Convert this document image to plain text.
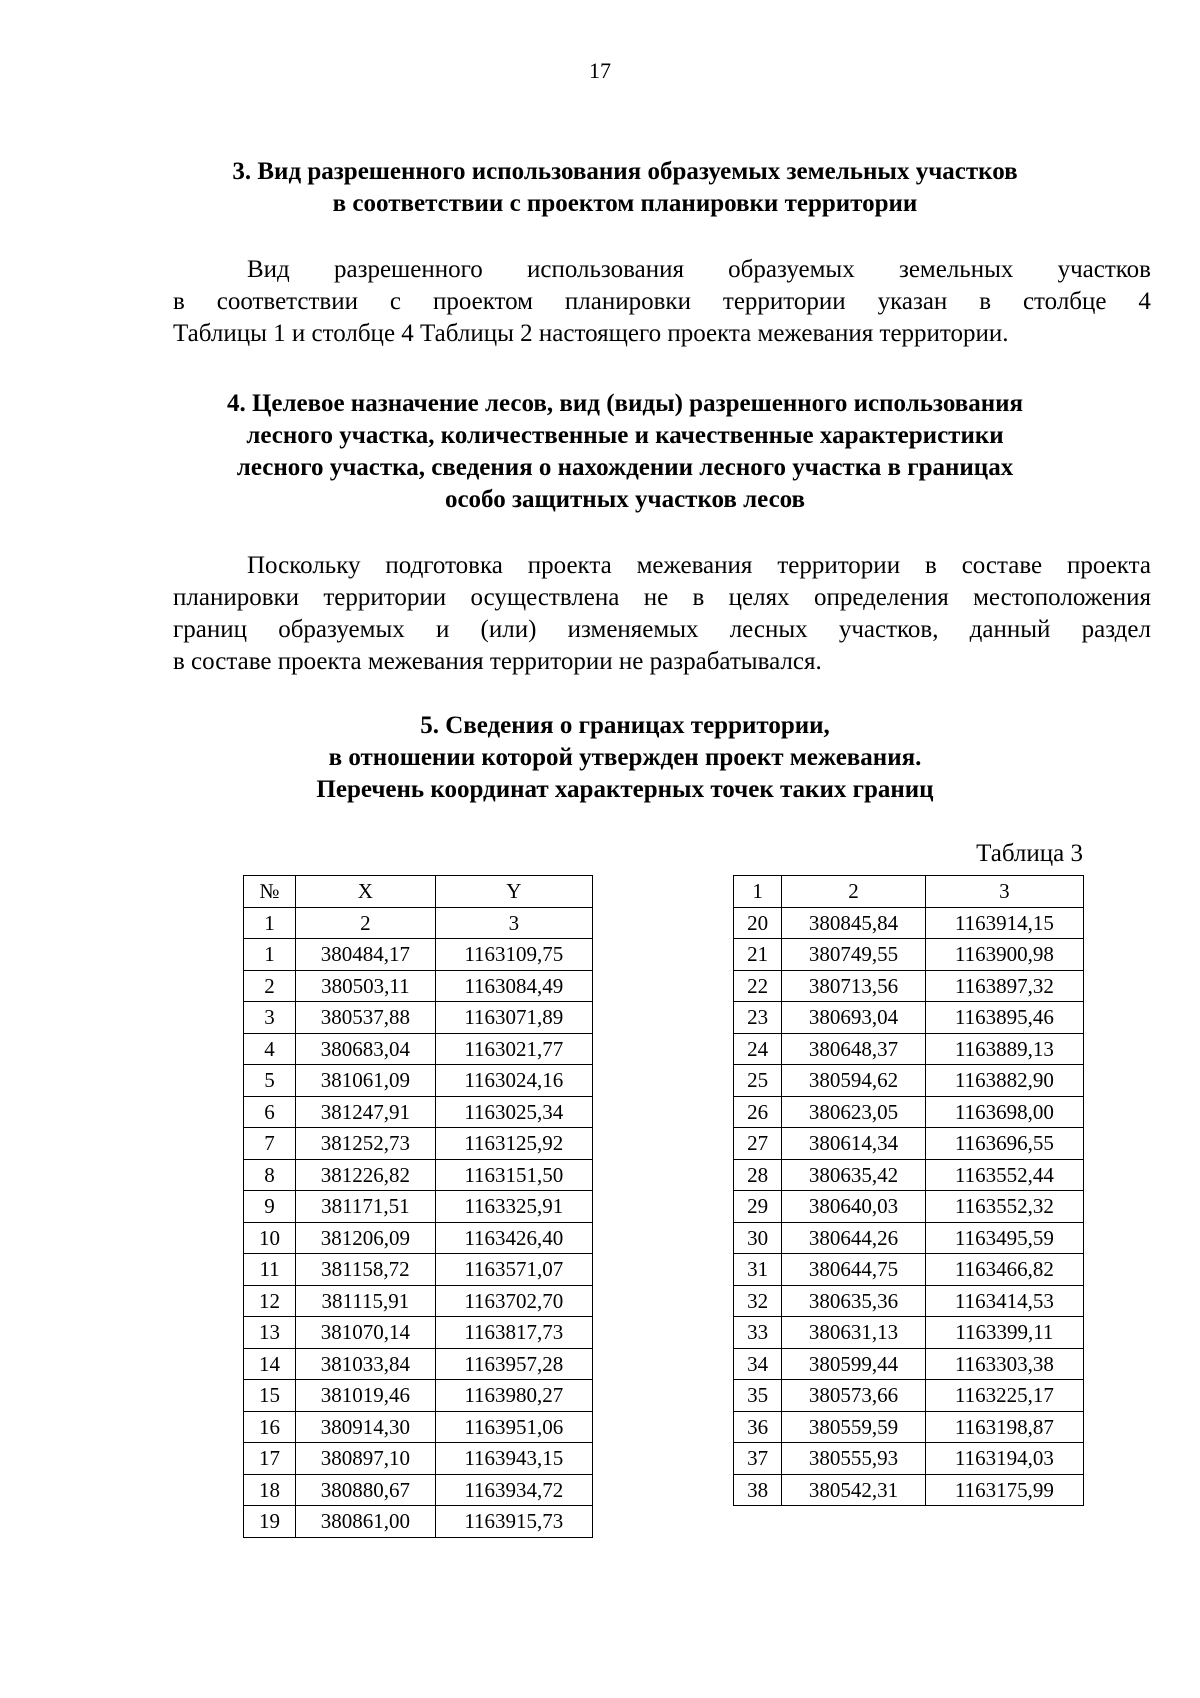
17
3. Вид разрешенного использования образуемых земельных участков
в соответствии с проектом планировки территории
Вид разрешенного использования образуемых земельных участков
в соответствии с проектом планировки территории указан в столбце 4
Таблицы 1 и столбце 4 Таблицы 2 настоящего проекта межевания территории.
4. Целевое назначение лесов, вид (виды) разрешенного использования
лесного участка, количественные и качественные характеристики
лесного участка, сведения о нахождении лесного участка в границах
особо защитных участков лесов
Поскольку подготовка проекта межевания территории в составе проекта
планировки территории осуществлена не в целях определения местоположения
границ образуемых и (или) изменяемых лесных участков, данный раздел
в составе проекта межевания территории не разрабатывался.
5. Сведения о границах территории,
в отношении которой утвержден проект межевания.
Перечень координат характерных точек таких границ
Таблица 3
№	X	Y
1	2	3
1	380484,17	1163109,75
2	380503,11	1163084,49
3	380537,88	1163071,89
4	380683,04	1163021,77
5	381061,09	1163024,16
6	381247,91	1163025,34
7	381252,73	1163125,92
8	381226,82	1163151,50
9	381171,51	1163325,91
10	381206,09	1163426,40
11	381158,72	1163571,07
12	381115,91	1163702,70
13	381070,14	1163817,73
14	381033,84	1163957,28
15	381019,46	1163980,27
16	380914,30	1163951,06
17	380897,10	1163943,15
18	380880,67	1163934,72
19	380861,00	1163915,73
1	2	3
20	380845,84	1163914,15
21	380749,55	1163900,98
22	380713,56	1163897,32
23	380693,04	1163895,46
24	380648,37	1163889,13
25	380594,62	1163882,90
26	380623,05	1163698,00
27	380614,34	1163696,55
28	380635,42	1163552,44
29	380640,03	1163552,32
30	380644,26	1163495,59
31	380644,75	1163466,82
32	380635,36	1163414,53
33	380631,13	1163399,11
34	380599,44	1163303,38
35	380573,66	1163225,17
36	380559,59	1163198,87
37	380555,93	1163194,03
38	380542,31	1163175,99
